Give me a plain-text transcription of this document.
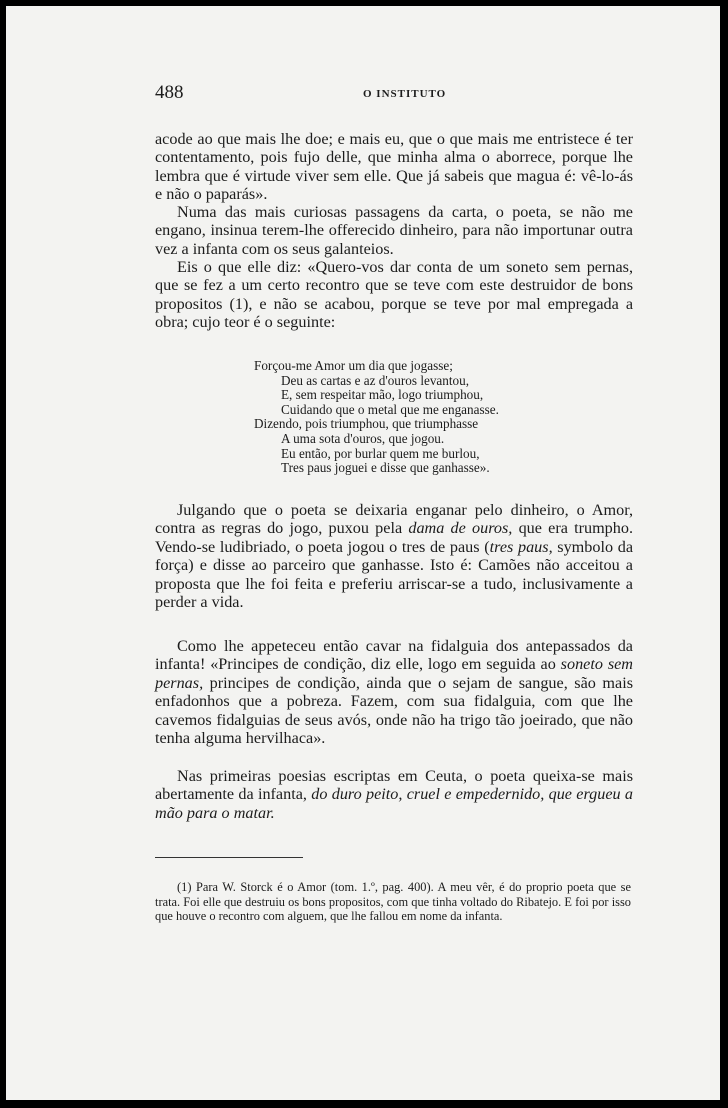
488	O INSTITUTO

acode ao que mais lhe doe; e mais eu, que o que mais me entristece é ter contentamento, pois fujo delle, que minha alma o aborrece, porque lhe lembra que é virtude viver sem elle. Que já sabeis que magua é: vê-lo-ás e não o paparás».

Numa das mais curiosas passagens da carta, o poeta, se não me engano, insinua terem-lhe offerecido dinheiro, para não importunar outra vez a infanta com os seus galanteios.

Eis o que elle diz: «Quero-vos dar conta de um soneto sem pernas, que se fez a um certo recontro que se teve com este destruidor de bons propositos (1), e não se acabou, porque se teve por mal empregada a obra; cujo teor é o seguinte:

Forçou-me Amor um dia que jogasse;
Deu as cartas e az d'ouros levantou,
E, sem respeitar mão, logo triumphou,
Cuidando que o metal que me enganasse.
Dizendo, pois triumphou, que triumphasse
A uma sota d'ouros, que jogou.
Eu então, por burlar quem me burlou,
Tres paus joguei e disse que ganhasse».

Julgando que o poeta se deixaria enganar pelo dinheiro, o Amor, contra as regras do jogo, puxou pela dama de ouros, que era trumpho. Vendo-se ludibriado, o poeta jogou o tres de paus (tres paus, symbolo da força) e disse ao parceiro que ganhasse. Isto é: Camões não acceitou a proposta que lhe foi feita e preferiu arriscar-se a tudo, inclusivamente a perder a vida.

Como lhe appeteceu então cavar na fidalguia dos antepassados da infanta! «Principes de condição, diz elle, logo em seguida ao soneto sem pernas, principes de condição, ainda que o sejam de sangue, são mais enfadonhos que a pobreza. Fazem, com sua fidalguia, com que lhe cavemos fidalguias de seus avós, onde não ha trigo tão joeirado, que não tenha alguma hervilhaca».

Nas primeiras poesias escriptas em Ceuta, o poeta queixa-se mais abertamente da infanta, do duro peito, cruel e empedernido, que ergueu a mão para o matar.

(1) Para W. Storck é o Amor (tom. 1.º, pag. 400). A meu vêr, é do proprio poeta que se trata. Foi elle que destruiu os bons propositos, com que tinha voltado do Ribatejo. E foi por isso que houve o recontro com alguem, que lhe fallou em nome da infanta.
